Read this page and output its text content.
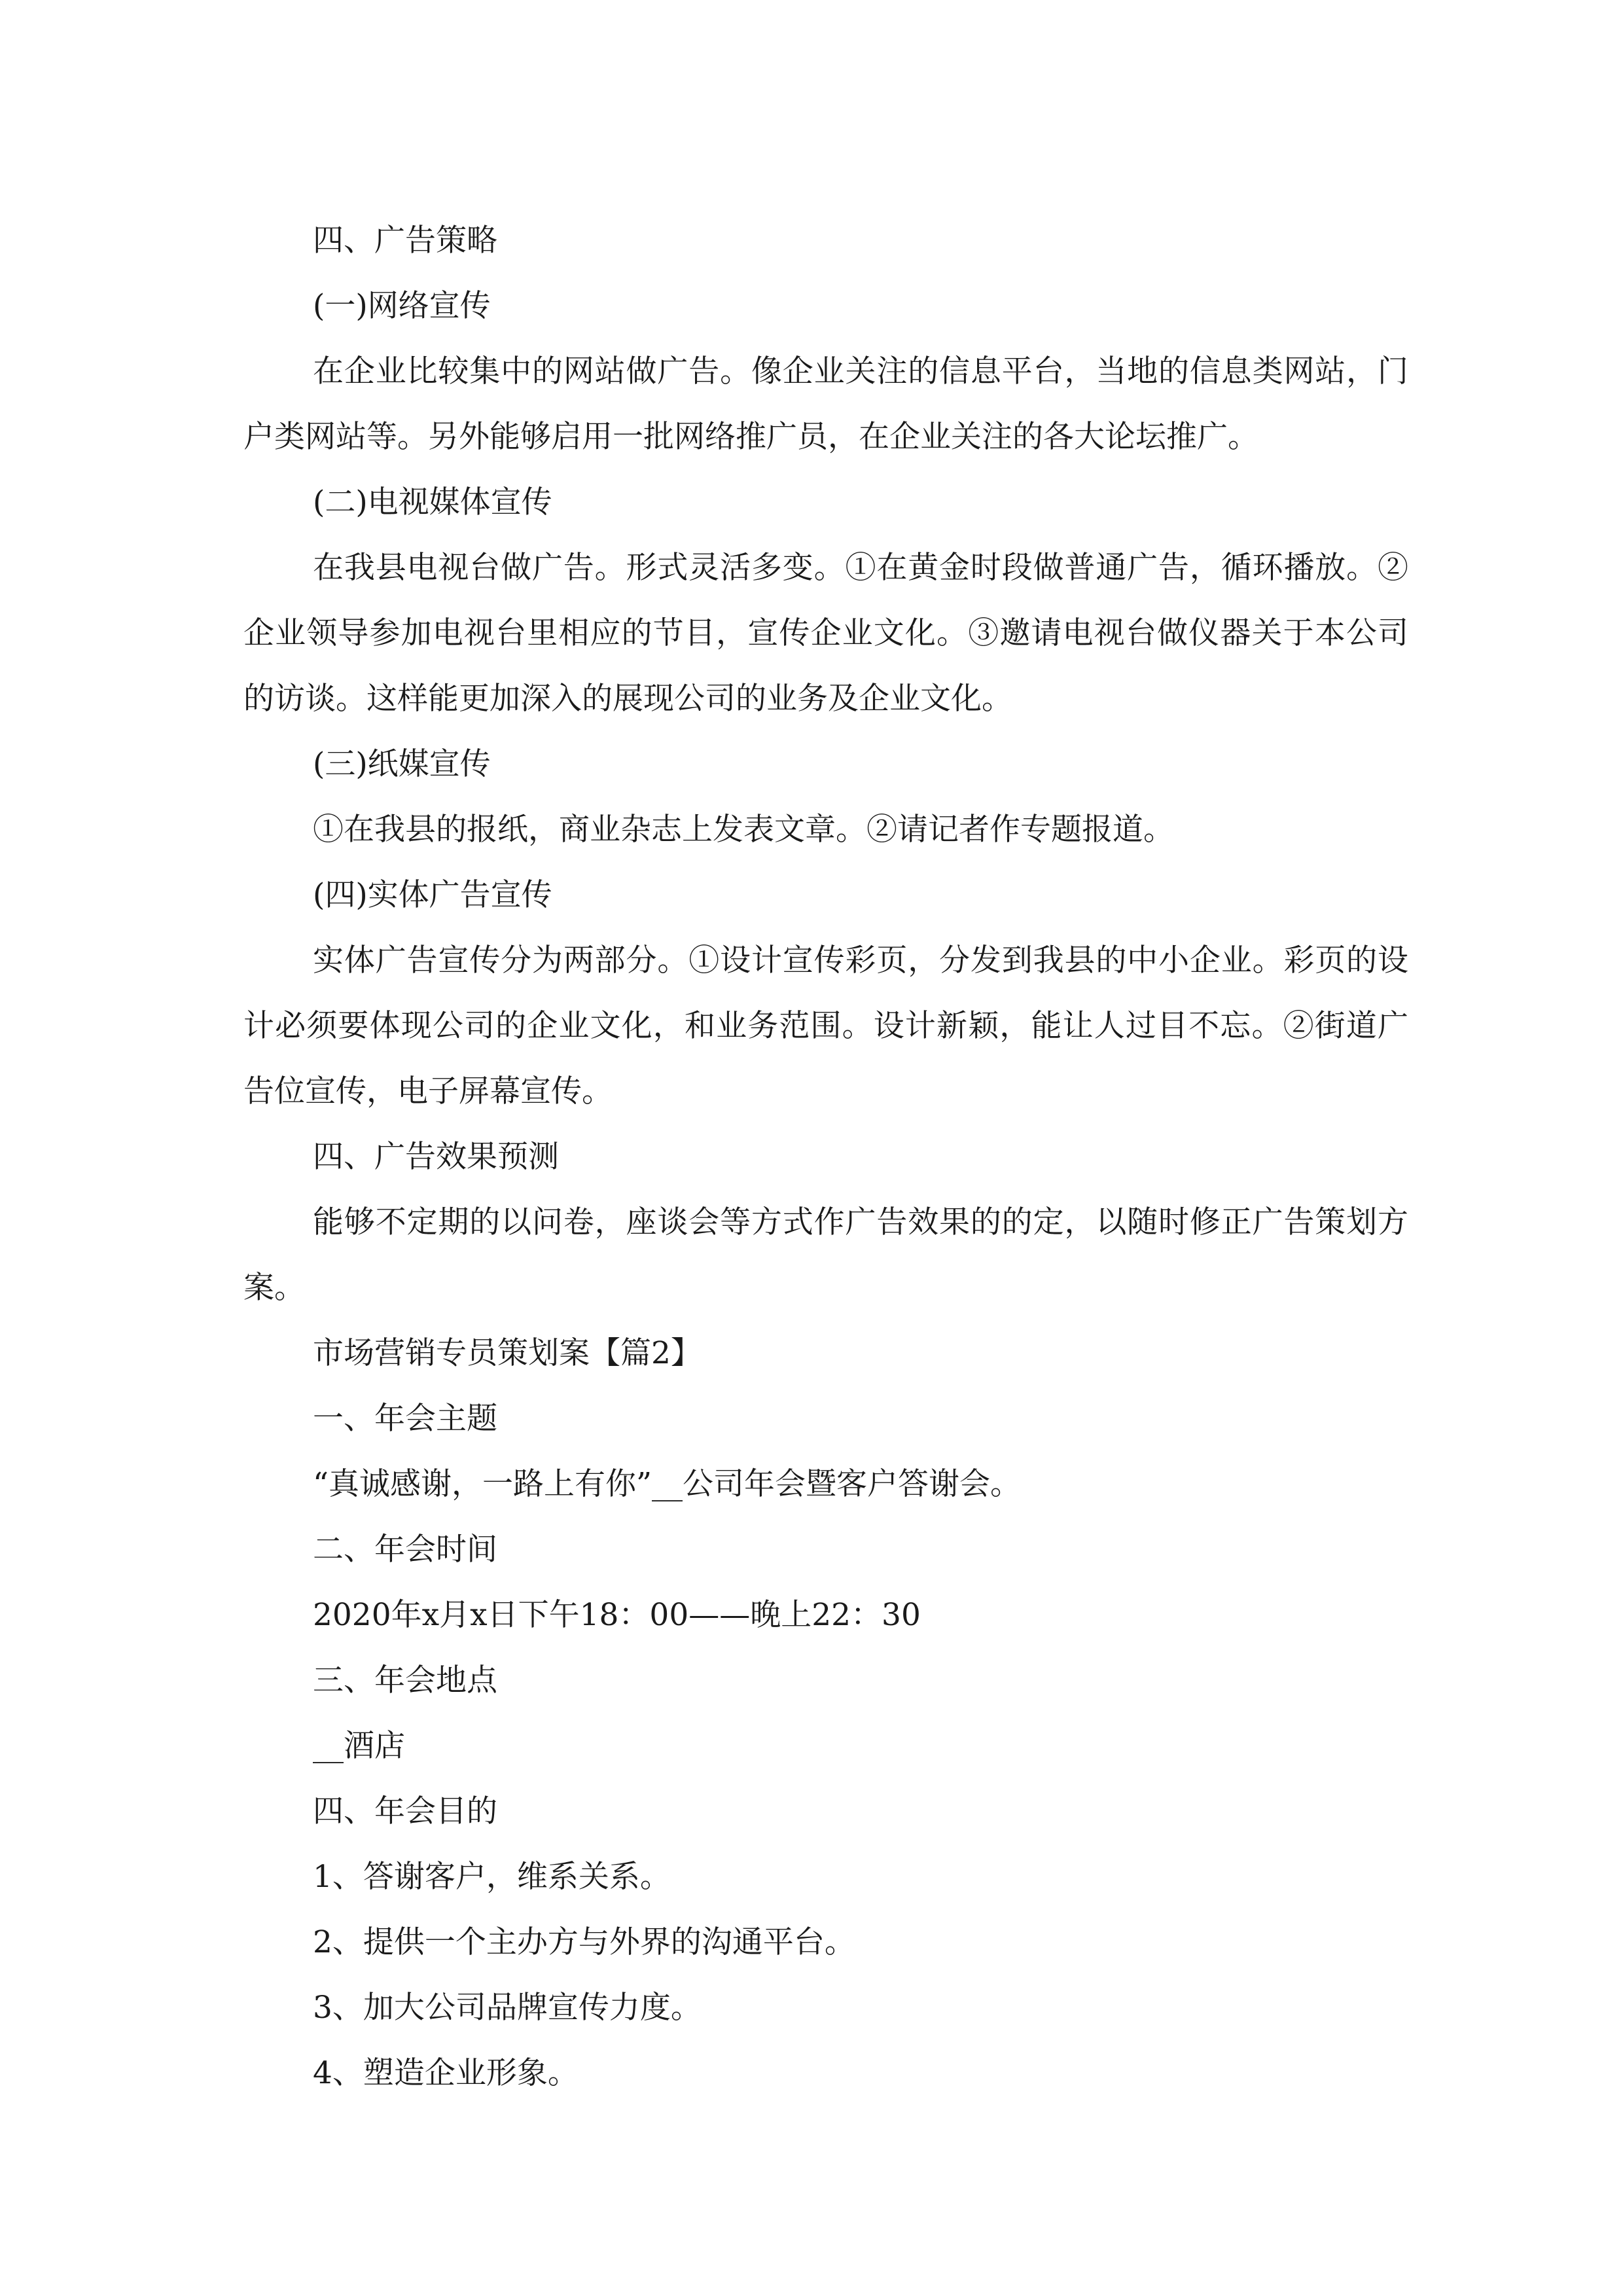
四、广告策略

(一)网络宣传

在企业比较集中的网站做广告。像企业关注的信息平台，当地的信息类网站，门户类网站等。另外能够启用一批网络推广员，在企业关注的各大论坛推广。

(二)电视媒体宣传

在我县电视台做广告。形式灵活多变。①在黄金时段做普通广告，循环播放。②企业领导参加电视台里相应的节目，宣传企业文化。③邀请电视台做仪器关于本公司的访谈。这样能更加深入的展现公司的业务及企业文化。

(三)纸媒宣传

①在我县的报纸，商业杂志上发表文章。②请记者作专题报道。

(四)实体广告宣传

实体广告宣传分为两部分。①设计宣传彩页，分发到我县的中小企业。彩页的设计必须要体现公司的企业文化，和业务范围。设计新颖，能让人过目不忘。②街道广告位宣传，电子屏幕宣传。

四、广告效果预测

能够不定期的以问卷，座谈会等方式作广告效果的的定，以随时修正广告策划方案。

市场营销专员策划案【篇2】

一、年会主题

“真诚感谢，一路上有你”__公司年会暨客户答谢会。

二、年会时间

2020年x月x日下午18：00——晚上22：30

三、年会地点

__酒店

四、年会目的

1、答谢客户，维系关系。

2、提供一个主办方与外界的沟通平台。

3、加大公司品牌宣传力度。

4、塑造企业形象。
